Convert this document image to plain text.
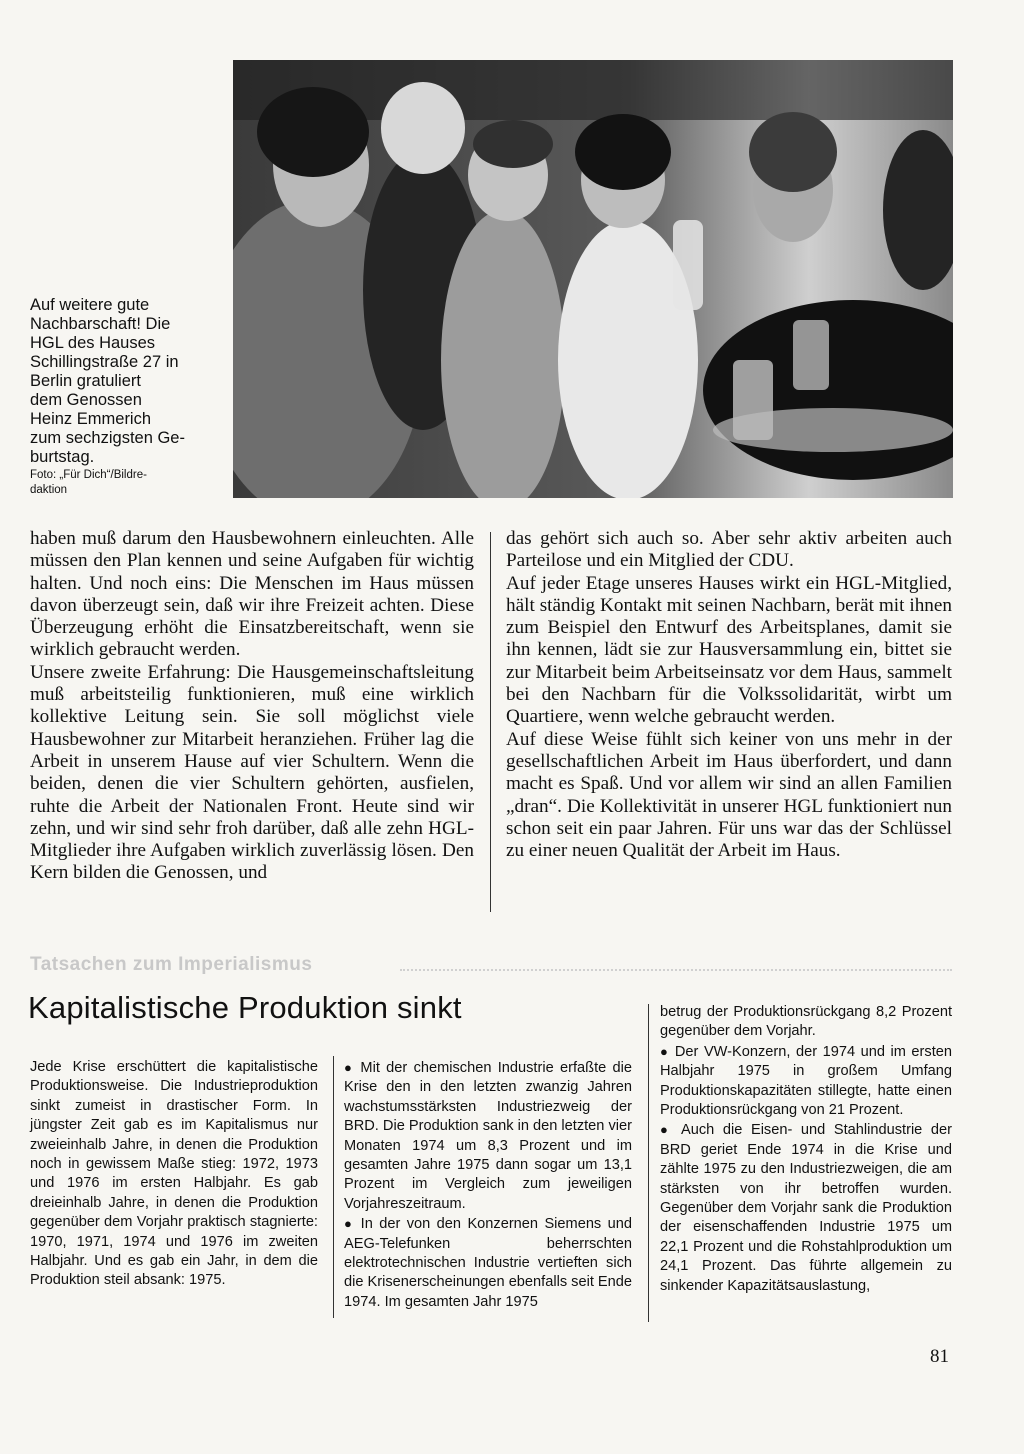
Auf weitere gute
Nachbarschaft! Die
HGL des Hauses
Schillingstraße 27 in
Berlin gratuliert
dem Genossen
Heinz Emmerich
zum sechzigsten Ge-
burtstag.
Foto: „Für Dich“/Bildre-
daktion

haben muß darum den Hausbewohnern einleuchten. Alle müssen den Plan kennen und seine Aufgaben für wichtig halten. Und noch eins: Die Menschen im Haus müssen davon überzeugt sein, daß wir ihre Freizeit achten. Diese Überzeugung erhöht die Einsatzbereitschaft, wenn sie wirklich gebraucht werden.

Unsere zweite Erfahrung: Die Hausgemeinschaftsleitung muß arbeitsteilig funktionieren, muß eine wirklich kollektive Leitung sein. Sie soll möglichst viele Hausbewohner zur Mitarbeit heranziehen. Früher lag die Arbeit in unserem Hause auf vier Schultern. Wenn die beiden, denen die vier Schultern gehörten, ausfielen, ruhte die Arbeit der Nationalen Front. Heute sind wir zehn, und wir sind sehr froh darüber, daß alle zehn HGL-Mitglieder ihre Aufgaben wirklich zuverlässig lösen. Den Kern bilden die Genossen, und

das gehört sich auch so. Aber sehr aktiv arbeiten auch Parteilose und ein Mitglied der CDU.

Auf jeder Etage unseres Hauses wirkt ein HGL-Mitglied, hält ständig Kontakt mit seinen Nachbarn, berät mit ihnen zum Beispiel den Entwurf des Arbeitsplanes, damit sie ihn kennen, lädt sie zur Hausversammlung ein, bittet sie zur Mitarbeit beim Arbeitseinsatz vor dem Haus, sammelt bei den Nachbarn für die Volkssolidarität, wirbt um Quartiere, wenn welche gebraucht werden.

Auf diese Weise fühlt sich keiner von uns mehr in der gesellschaftlichen Arbeit im Haus überfordert, und dann macht es Spaß. Und vor allem wir sind an allen Familien „dran“. Die Kollektivität in unserer HGL funktioniert nun schon seit ein paar Jahren. Für uns war das der Schlüssel zu einer neuen Qualität der Arbeit im Haus.

Tatsachen zum Imperialismus
Kapitalistische Produktion sinkt

Jede Krise erschüttert die kapitalistische Produktionsweise. Die Industrieproduktion sinkt zumeist in drastischer Form. In jüngster Zeit gab es im Kapitalismus nur zweieinhalb Jahre, in denen die Produktion noch in gewissem Maße stieg: 1972, 1973 und 1976 im ersten Halbjahr. Es gab dreieinhalb Jahre, in denen die Produktion gegenüber dem Vorjahr praktisch stagnierte: 1970, 1971, 1974 und 1976 im zweiten Halbjahr. Und es gab ein Jahr, in dem die Produktion steil absank: 1975.

● Mit der chemischen Industrie erfaßte die Krise den in den letzten zwanzig Jahren wachstumsstärksten Industriezweig der BRD. Die Produktion sank in den letzten vier Monaten 1974 um 8,3 Prozent und im gesamten Jahre 1975 dann sogar um 13,1 Prozent im Vergleich zum jeweiligen Vorjahreszeitraum.

● In der von den Konzernen Siemens und AEG-Telefunken beherrschten elektrotechnischen Industrie vertieften sich die Krisenerscheinungen ebenfalls seit Ende 1974. Im gesamten Jahr 1975

betrug der Produktionsrückgang 8,2 Prozent gegenüber dem Vorjahr.

● Der VW-Konzern, der 1974 und im ersten Halbjahr 1975 in großem Umfang Produktionskapazitäten stillegte, hatte einen Produktionsrückgang von 21 Prozent.

● Auch die Eisen- und Stahlindustrie der BRD geriet Ende 1974 in die Krise und zählte 1975 zu den Industriezweigen, die am stärksten von ihr betroffen wurden. Gegenüber dem Vorjahr sank die Produktion der eisenschaffenden Industrie 1975 um 22,1 Prozent und die Rohstahlproduktion um 24,1 Prozent. Das führte allgemein zu sinkender Kapazitätsauslastung,

81
